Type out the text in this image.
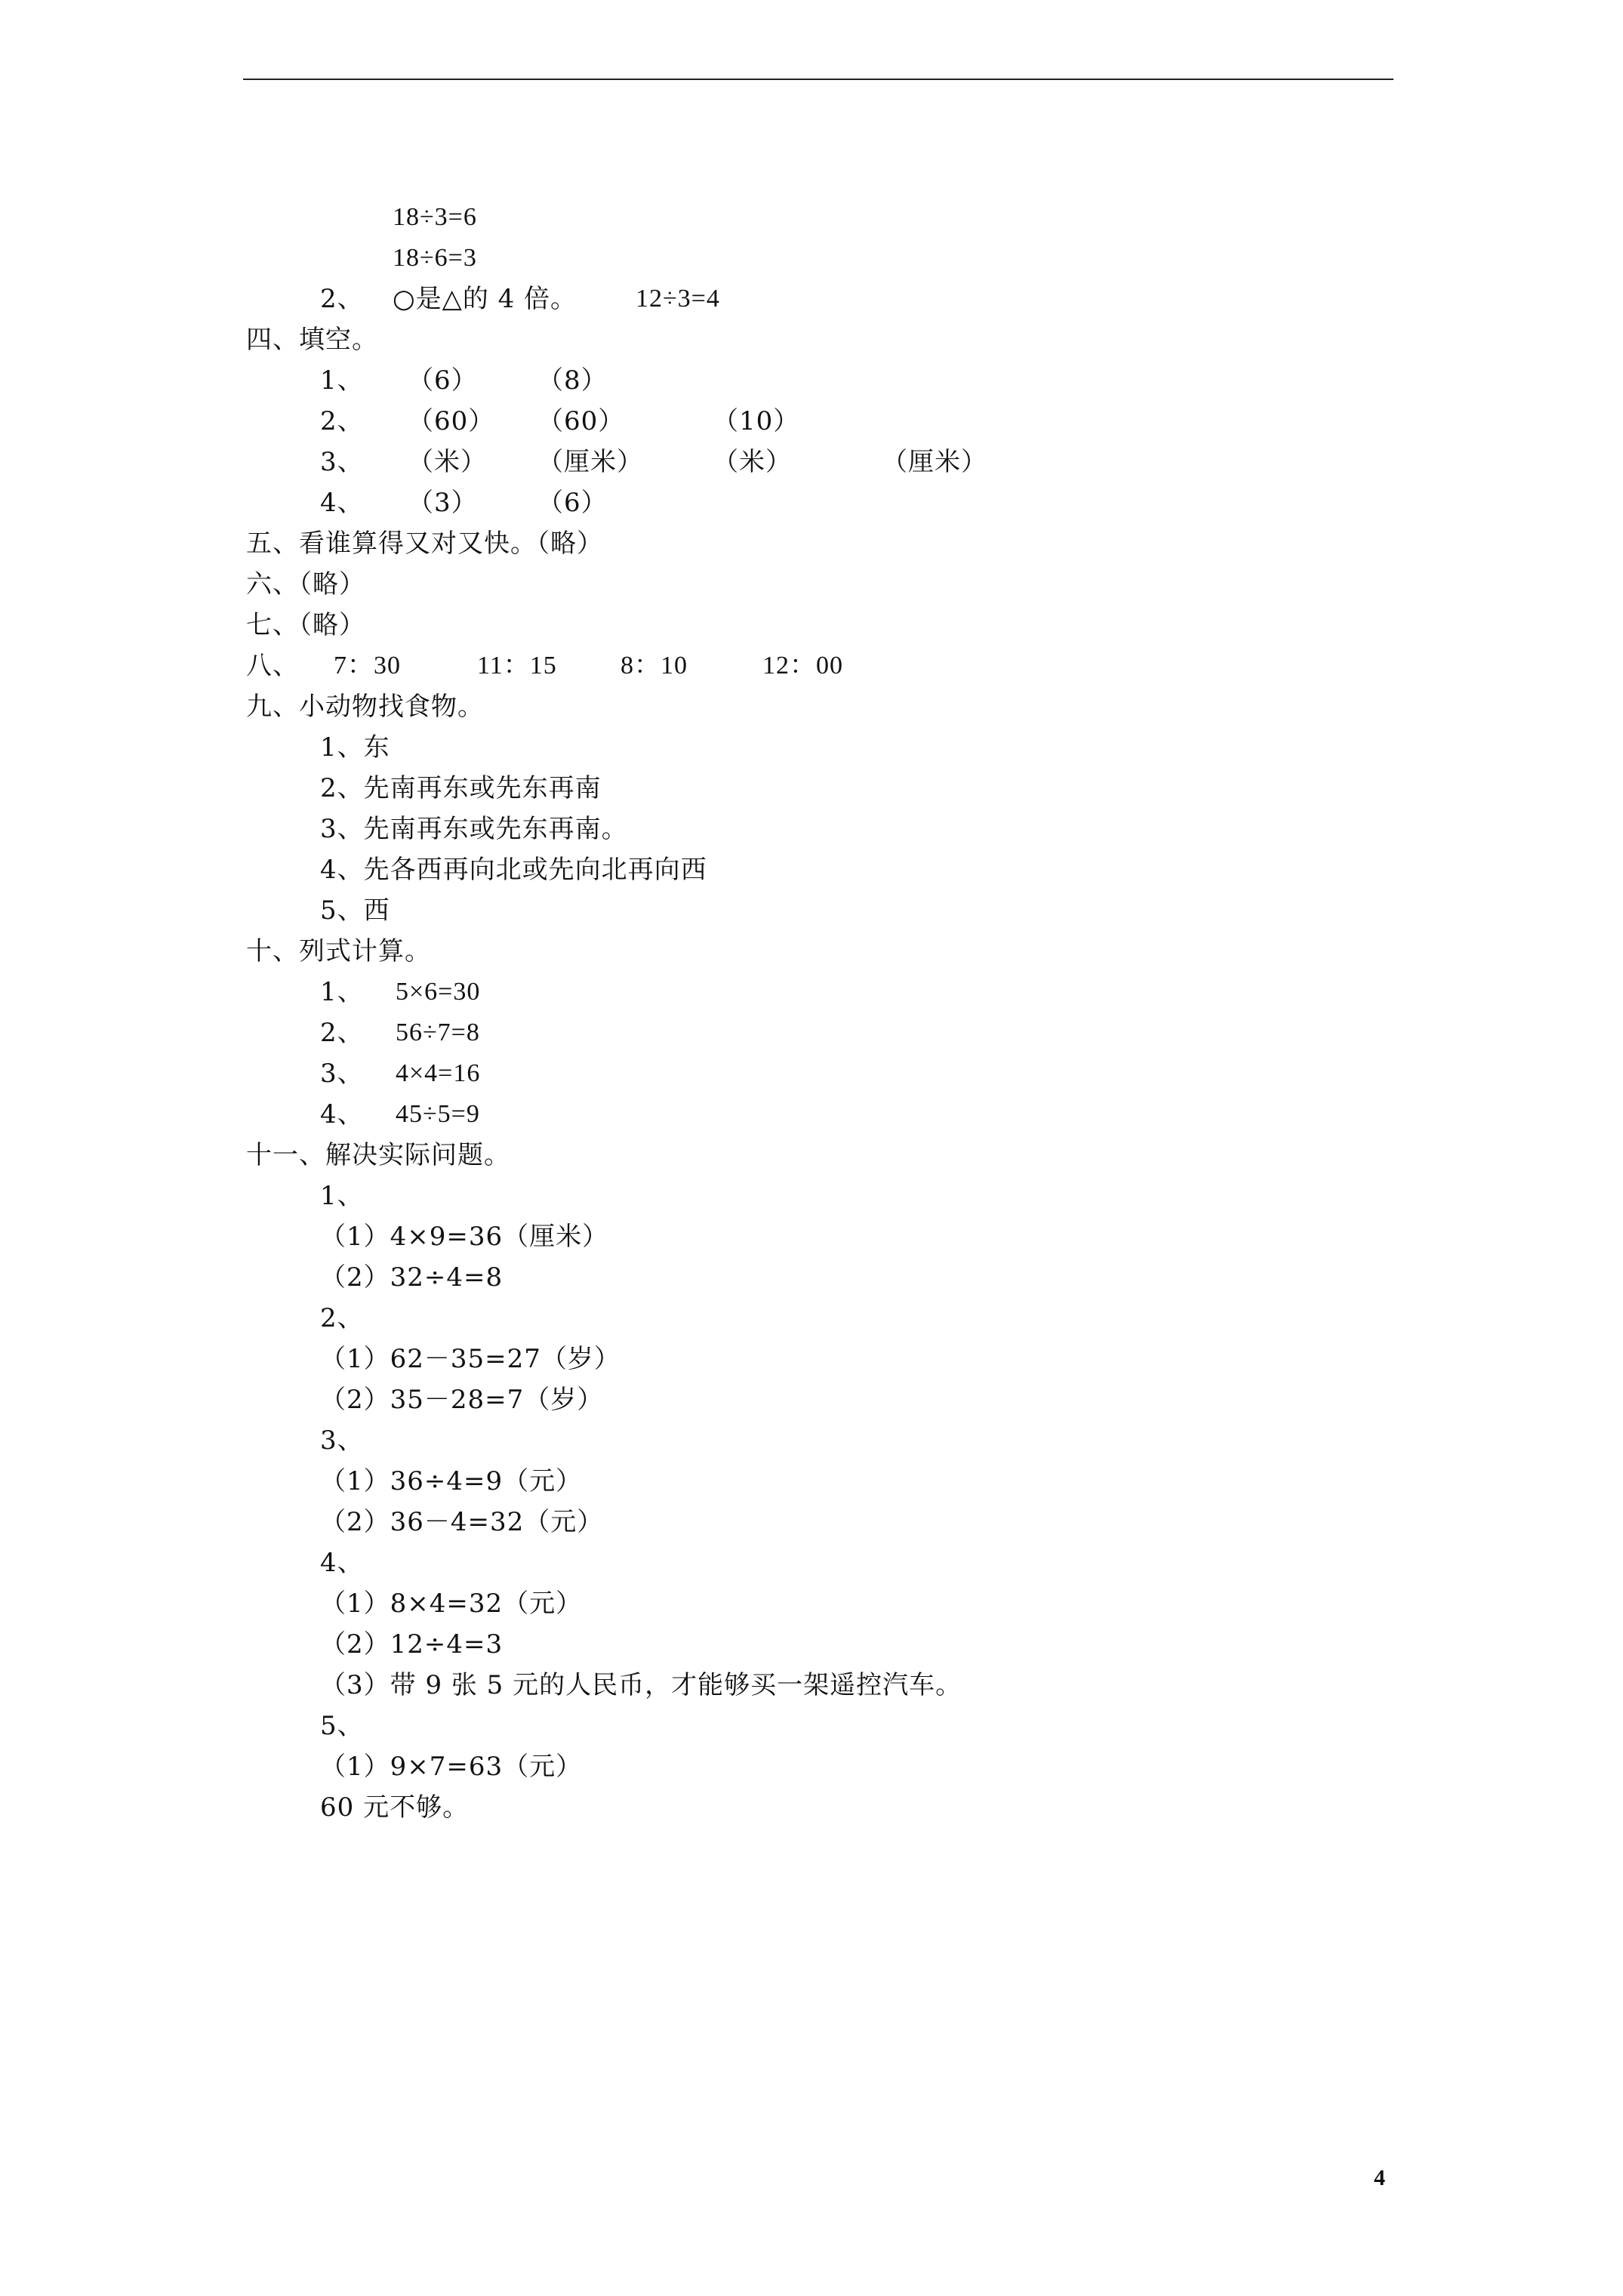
18÷3=6
18÷6=3
2、 ○是△的 4 倍。 12÷3=4
四、填空。
1、 （6） （8）
2、 （60） （60）	（10）
3、 （米） （厘米）	（米）	（厘米）
4、 （3） （6）
五、看谁算得又对又快。（略）
六、（略）
七、（略）
八、 7：30	11：15 8：10	12：00
九、小动物找食物。
1、东
2、先南再东或先东再南
3、先南再东或先东再南。
4、先各西再向北或先向北再向西
5、西
十、列式计算。
1、 5×6=30
2、 56÷7=8
3、 4×4=16
4、 45÷5=9
十一、解决实际问题。
1、
（1）4×9=36（厘米）
（2）32÷4=8
2、
（1）62－35=27（岁）
（2）35－28=7（岁）
3、
（1）36÷4=9（元）
（2）36－4=32（元）
4、
（1）8×4=32（元）
（2）12÷4=3
（3）带 9 张 5 元的人民币，才能够买一架遥控汽车。
5、
（1）9×7=63（元）
60 元不够。
4
